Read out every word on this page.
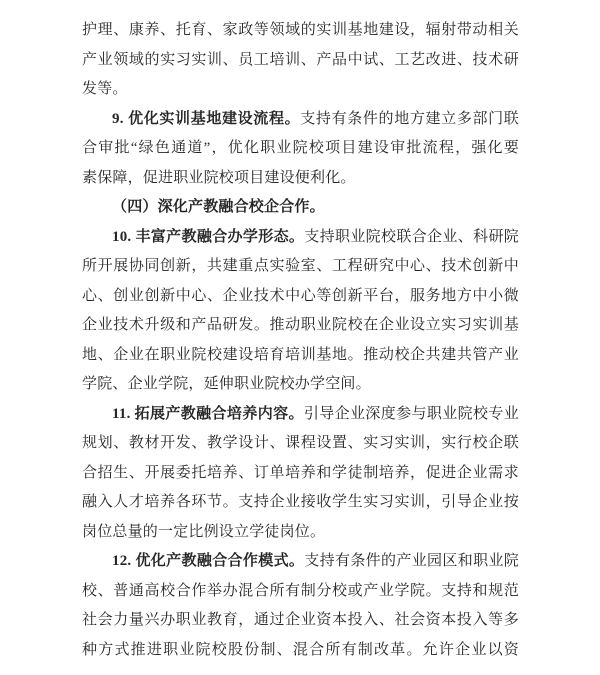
护理、康养、托育、家政等领域的实训基地建设，辐射带动相关
产业领域的实习实训、员工培训、产品中试、工艺改进、技术研
发等。
9. 优化实训基地建设流程。支持有条件的地方建立多部门联
合审批“绿色通道”，优化职业院校项目建设审批流程，强化要
素保障，促进职业院校项目建设便利化。
（四）深化产教融合校企合作。
10. 丰富产教融合办学形态。支持职业院校联合企业、科研院
所开展协同创新，共建重点实验室、工程研究中心、技术创新中
心、创业创新中心、企业技术中心等创新平台，服务地方中小微
企业技术升级和产品研发。推动职业院校在企业设立实习实训基
地、企业在职业院校建设培育培训基地。推动校企共建共管产业
学院、企业学院，延伸职业院校办学空间。
11. 拓展产教融合培养内容。引导企业深度参与职业院校专业
规划、教材开发、教学设计、课程设置、实习实训，实行校企联
合招生、开展委托培养、订单培养和学徒制培养，促进企业需求
融入人才培养各环节。支持企业接收学生实习实训，引导企业按
岗位总量的一定比例设立学徒岗位。
12. 优化产教融合合作模式。支持有条件的产业园区和职业院
校、普通高校合作举办混合所有制分校或产业学院。支持和规范
社会力量兴办职业教育，通过企业资本投入、社会资本投入等多
种方式推进职业院校股份制、混合所有制改革。允许企业以资
